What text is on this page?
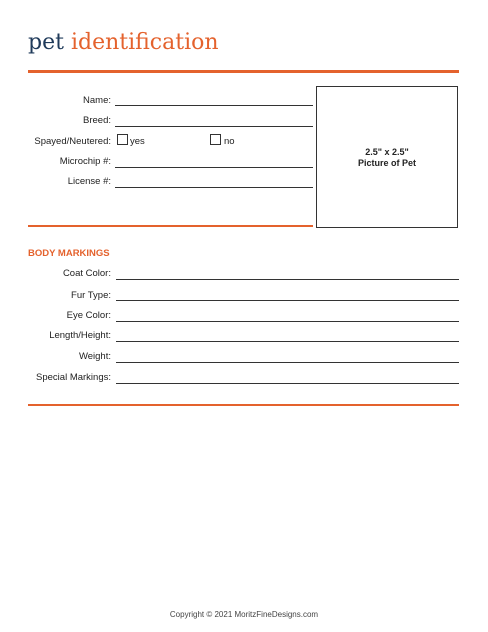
pet identification
Name:
Breed:
Spayed/Neutered: yes	no
Microchip #:
License #:
2.5" x 2.5"
Picture of Pet
BODY MARKINGS
Coat Color:
Fur Type:
Eye Color:
Length/Height:
Weight:
Special Markings:
Copyright © 2021 MoritzFineDesigns.com
